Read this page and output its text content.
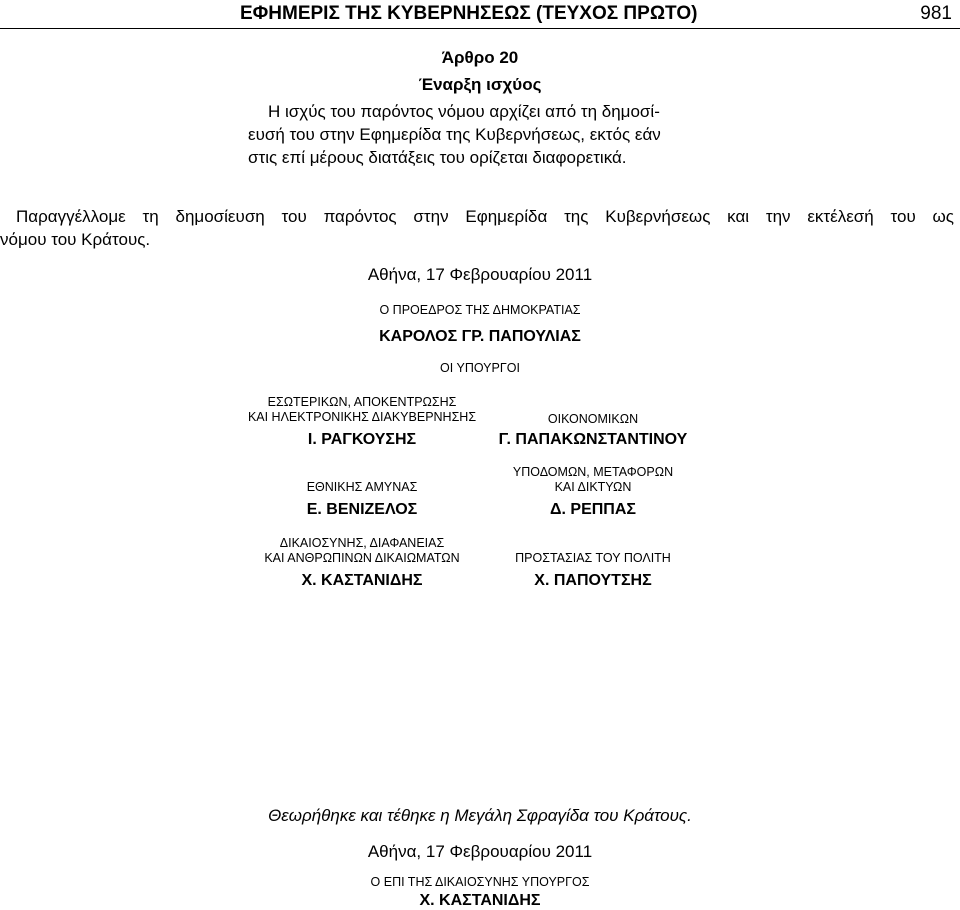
ΕΦΗΜΕΡΙΣ ΤΗΣ ΚΥΒΕΡΝΗΣΕΩΣ (ΤΕΥΧΟΣ ΠΡΩΤΟ)	981
Άρθρο 20
Έναρξη ισχύος
Η ισχύς του παρόντος νόμου αρχίζει από τη δημοσί-
ευσή του στην Εφημερίδα της Κυβερνήσεως, εκτός εάν
στις επί μέρους διατάξεις του ορίζεται διαφορετικά.
Παραγγέλλομε τη δημοσίευση του παρόντος στην Εφημερίδα της Κυβερνήσεως και την εκτέλεσή του ως
νόμου του Κράτους.
Αθήνα, 17 Φεβρουαρίου 2011
Ο ΠΡΟΕΔΡΟΣ ΤΗΣ ΔΗΜΟΚΡΑΤΙΑΣ
ΚΑΡΟΛΟΣ ΓΡ. ΠΑΠΟΥΛΙΑΣ
ΟΙ ΥΠΟΥΡΓΟΙ
ΕΣΩΤΕΡΙΚΩΝ, ΑΠΟΚΕΝΤΡΩΣΗΣ
ΚΑΙ ΗΛΕΚΤΡΟΝΙΚΗΣ ΔΙΑΚΥΒΕΡΝΗΣΗΣ
Ι. ΡΑΓΚΟΥΣΗΣ
ΕΘΝΙΚΗΣ ΑΜΥΝΑΣ
Ε. ΒΕΝΙΖΕΛΟΣ
ΔΙΚΑΙΟΣΥΝΗΣ, ΔΙΑΦΑΝΕΙΑΣ
ΚΑΙ ΑΝΘΡΩΠΙΝΩΝ ΔΙΚΑΙΩΜΑΤΩΝ
Χ. ΚΑΣΤΑΝΙΔΗΣ
ΟΙΚΟΝΟΜΙΚΩΝ
Γ. ΠΑΠΑΚΩΝΣΤΑΝΤΙΝΟΥ
ΥΠΟΔΟΜΩΝ, ΜΕΤΑΦΟΡΩΝ
ΚΑΙ ΔΙΚΤΥΩΝ
Δ. ΡΕΠΠΑΣ
ΠΡΟΣΤΑΣΙΑΣ ΤΟΥ ΠΟΛΙΤΗ
Χ. ΠΑΠΟΥΤΣΗΣ
Θεωρήθηκε και τέθηκε η Μεγάλη Σφραγίδα του Κράτους.
Αθήνα, 17 Φεβρουαρίου 2011
Ο ΕΠΙ ΤΗΣ ΔΙΚΑΙΟΣΥΝΗΣ ΥΠΟΥΡΓΟΣ
Χ. ΚΑΣΤΑΝΙΔΗΣ
